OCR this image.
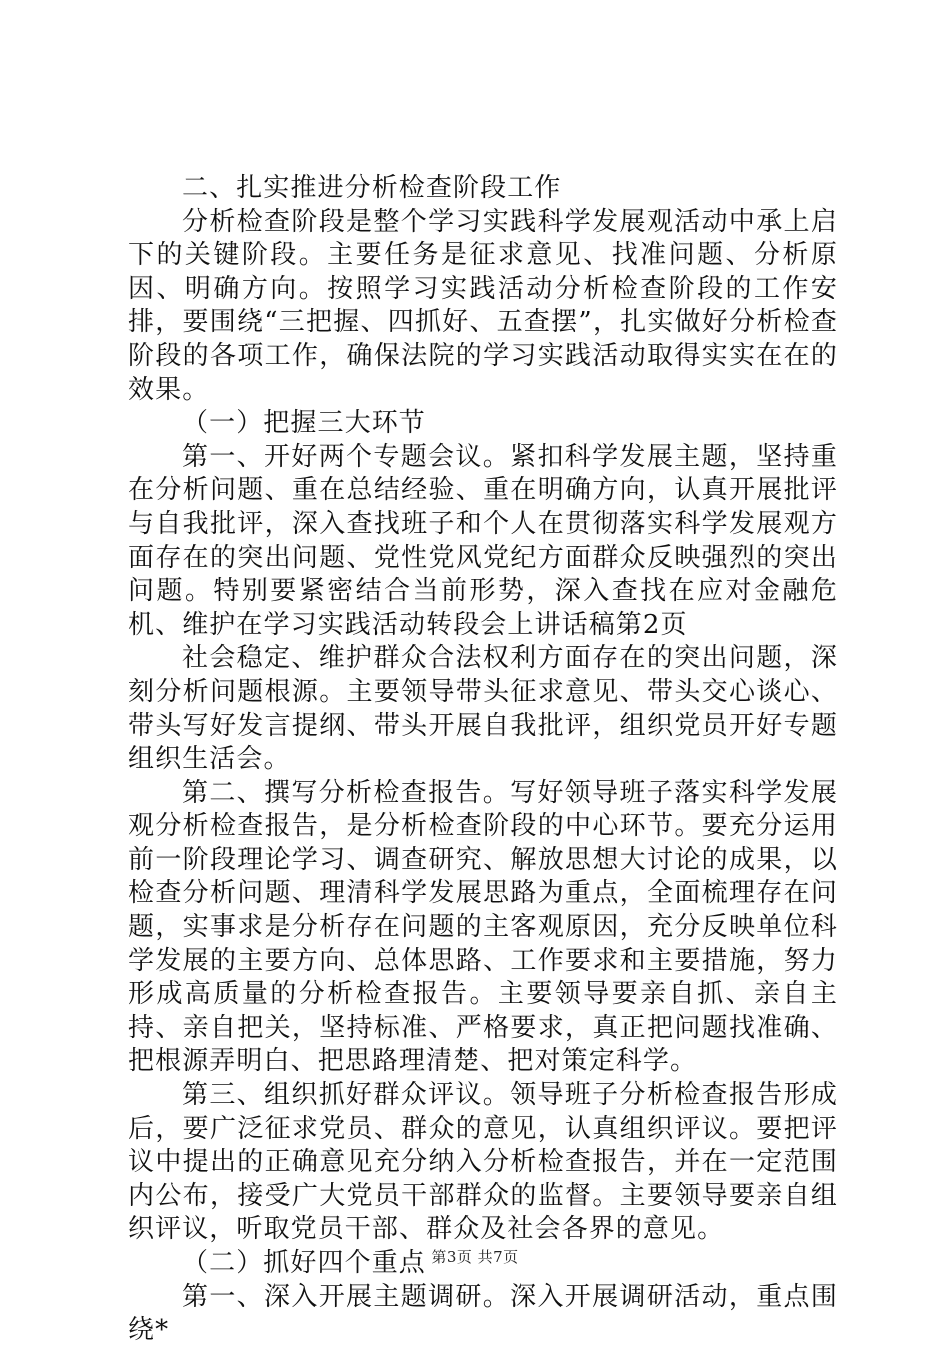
二、扎实推进分析检查阶段工作

分析检查阶段是整个学习实践科学发展观活动中承上启下的关键阶段。主要任务是征求意见、找准问题、分析原因、明确方向。按照学习实践活动分析检查阶段的工作安排，要围绕“三把握、四抓好、五查摆”，扎实做好分析检查阶段的各项工作，确保法院的学习实践活动取得实实在在的效果。

（一）把握三大环节

第一、开好两个专题会议。紧扣科学发展主题，坚持重在分析问题、重在总结经验、重在明确方向，认真开展批评与自我批评，深入查找班子和个人在贯彻落实科学发展观方面存在的突出问题、党性党风党纪方面群众反映强烈的突出问题。特别要紧密结合当前形势，深入查找在应对金融危机、维护在学习实践活动转段会上讲话稿第2页

社会稳定、维护群众合法权利方面存在的突出问题，深刻分析问题根源。主要领导带头征求意见、带头交心谈心、带头写好发言提纲、带头开展自我批评，组织党员开好专题组织生活会。

第二、撰写分析检查报告。写好领导班子落实科学发展观分析检查报告，是分析检查阶段的中心环节。要充分运用前一阶段理论学习、调查研究、解放思想大讨论的成果，以检查分析问题、理清科学发展思路为重点，全面梳理存在问题，实事求是分析存在问题的主客观原因，充分反映单位科学发展的主要方向、总体思路、工作要求和主要措施，努力形成高质量的分析检查报告。主要领导要亲自抓、亲自主持、亲自把关，坚持标准、严格要求，真正把问题找准确、把根源弄明白、把思路理清楚、把对策定科学。

第三、组织抓好群众评议。领导班子分析检查报告形成后，要广泛征求党员、群众的意见，认真组织评议。要把评议中提出的正确意见充分纳入分析检查报告，并在一定范围内公布，接受广大党员干部群众的监督。主要领导要亲自组织评议，听取党员干部、群众及社会各界的意见。

（二）抓好四个重点

第一、深入开展主题调研。深入开展调研活动，重点围绕*

第3页 共7页
